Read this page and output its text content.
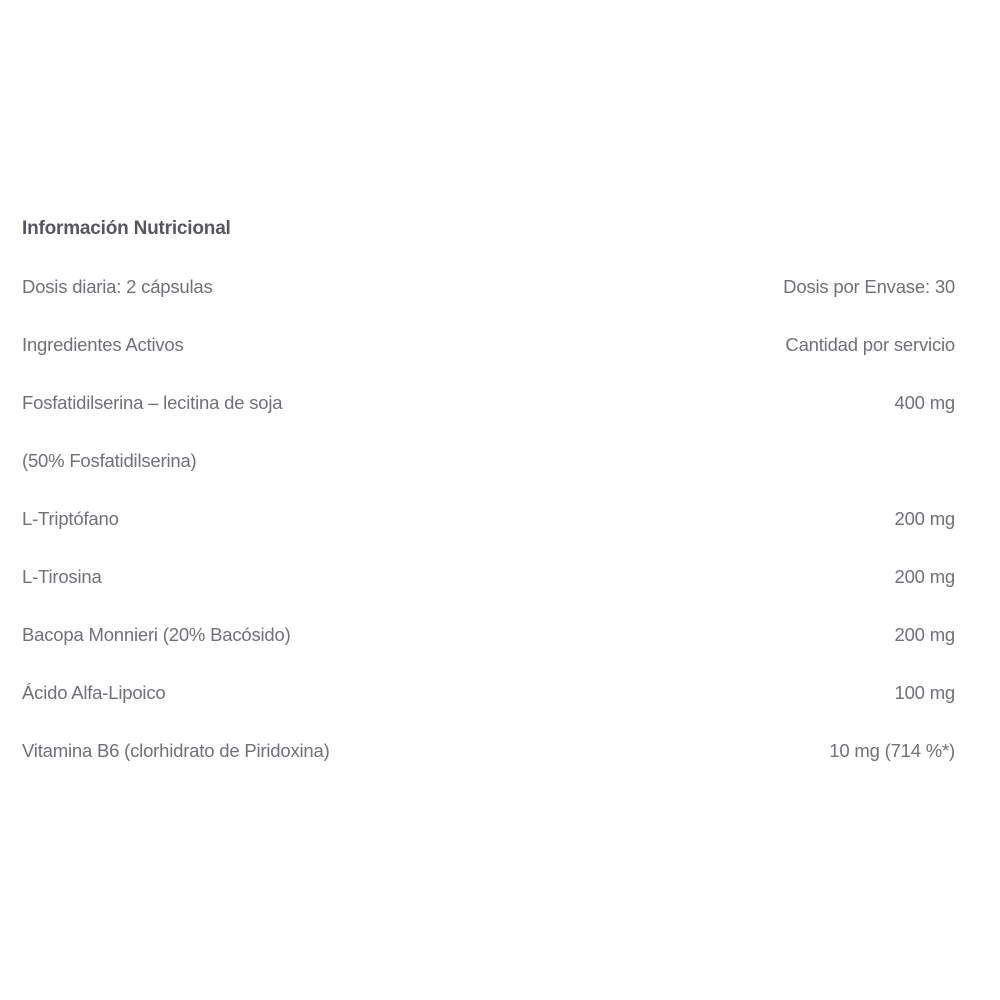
Información Nutricional
Dosis diaria: 2 cápsulas	Dosis por Envase: 30
Ingredientes Activos	Cantidad por servicio
Fosfatidilserina – lecitina de soja	400 mg
(50% Fosfatidilserina)
L-Triptófano	200 mg
L-Tirosina	200 mg
Bacopa Monnieri (20% Bacósido)	200 mg
Ácido Alfa-Lipoico	100 mg
Vitamina B6 (clorhidrato de Piridoxina)	10 mg (714 %*)
